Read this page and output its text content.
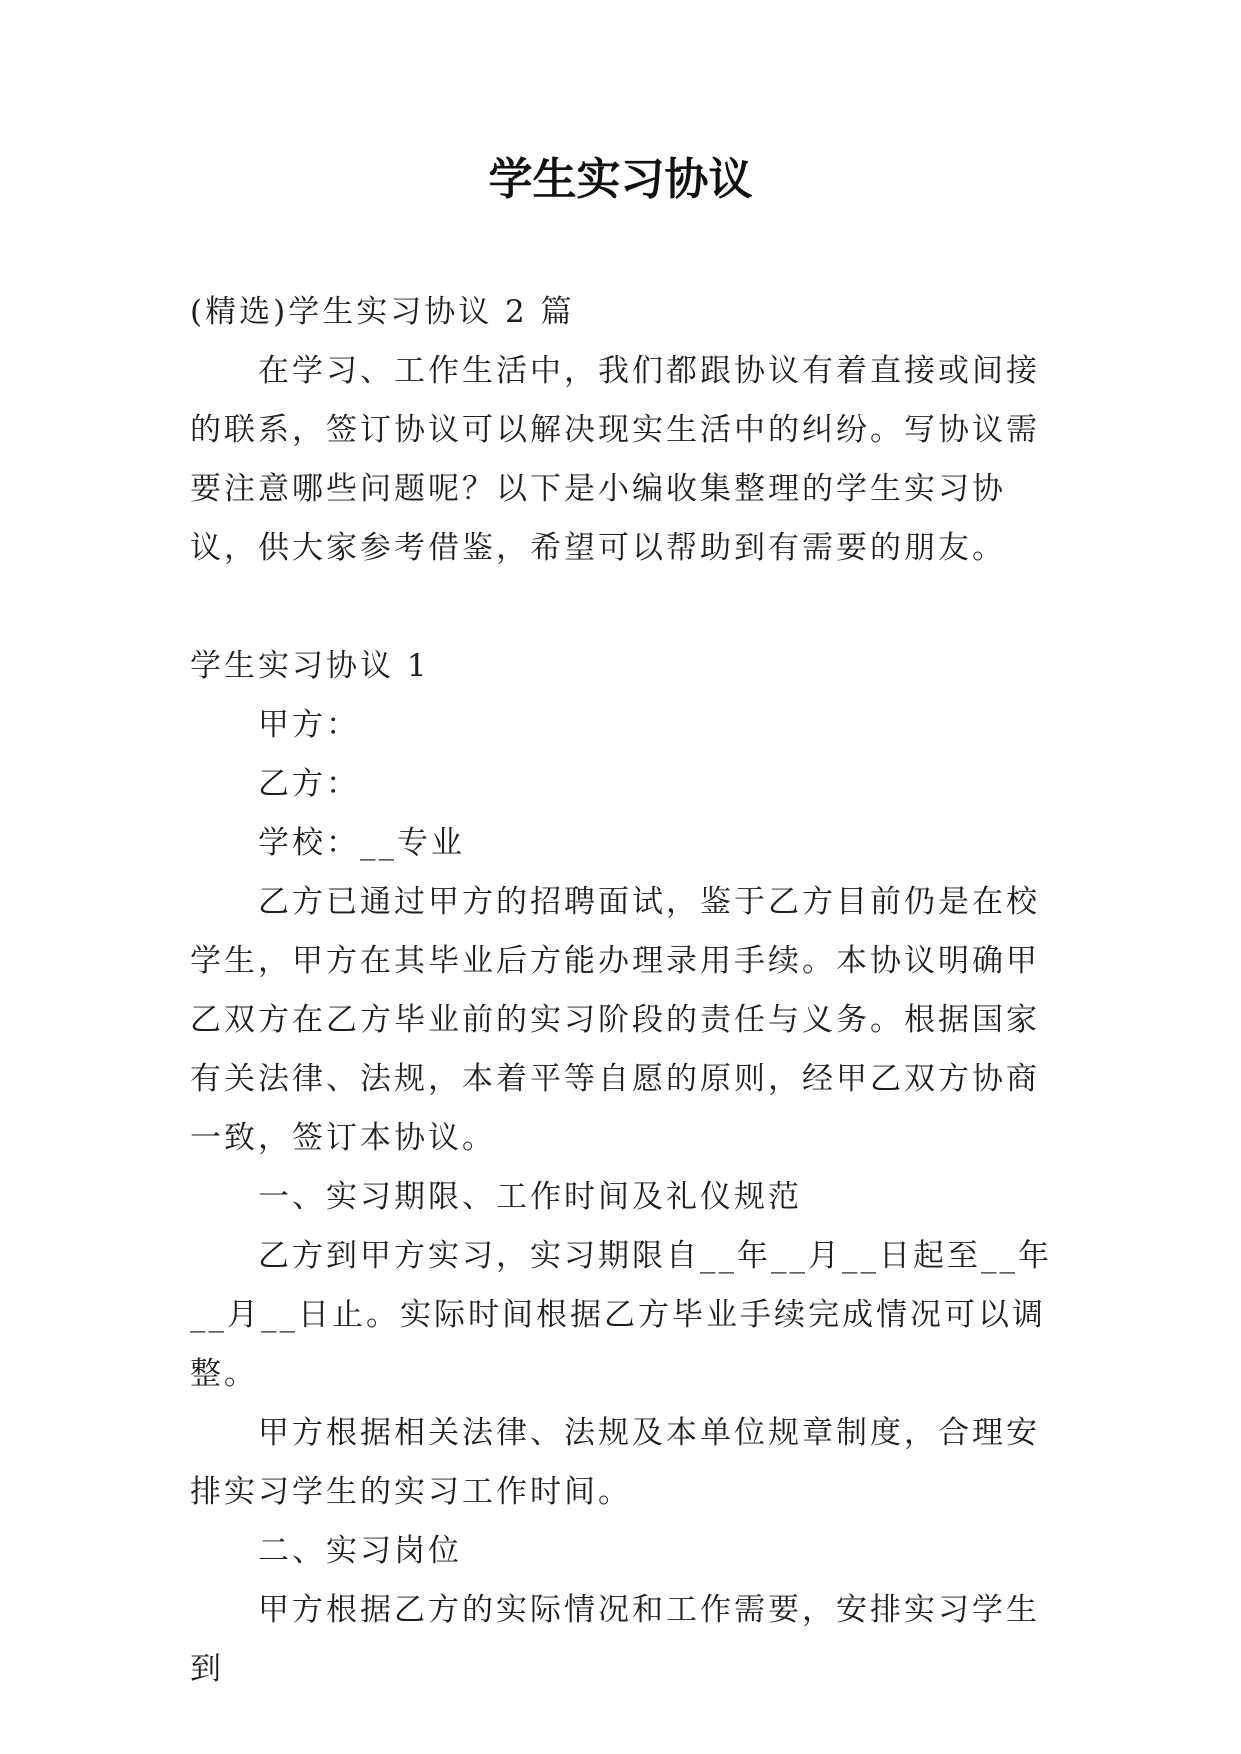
学生实习协议

(精选)学生实习协议 2 篇

在学习、工作生活中，我们都跟协议有着直接或间接的联系，签订协议可以解决现实生活中的纠纷。写协议需要注意哪些问题呢？以下是小编收集整理的学生实习协议，供大家参考借鉴，希望可以帮助到有需要的朋友。

学生实习协议 1

甲方：

乙方：

学校：__专业

乙方已通过甲方的招聘面试，鉴于乙方目前仍是在校学生，甲方在其毕业后方能办理录用手续。本协议明确甲乙双方在乙方毕业前的实习阶段的责任与义务。根据国家有关法律、法规，本着平等自愿的原则，经甲乙双方协商一致，签订本协议。

一、实习期限、工作时间及礼仪规范

乙方到甲方实习，实习期限自__年__月__日起至__年__月__日止。实际时间根据乙方毕业手续完成情况可以调整。

甲方根据相关法律、法规及本单位规章制度，合理安排实习学生的实习工作时间。

二、实习岗位

甲方根据乙方的实际情况和工作需要，安排实习学生到
